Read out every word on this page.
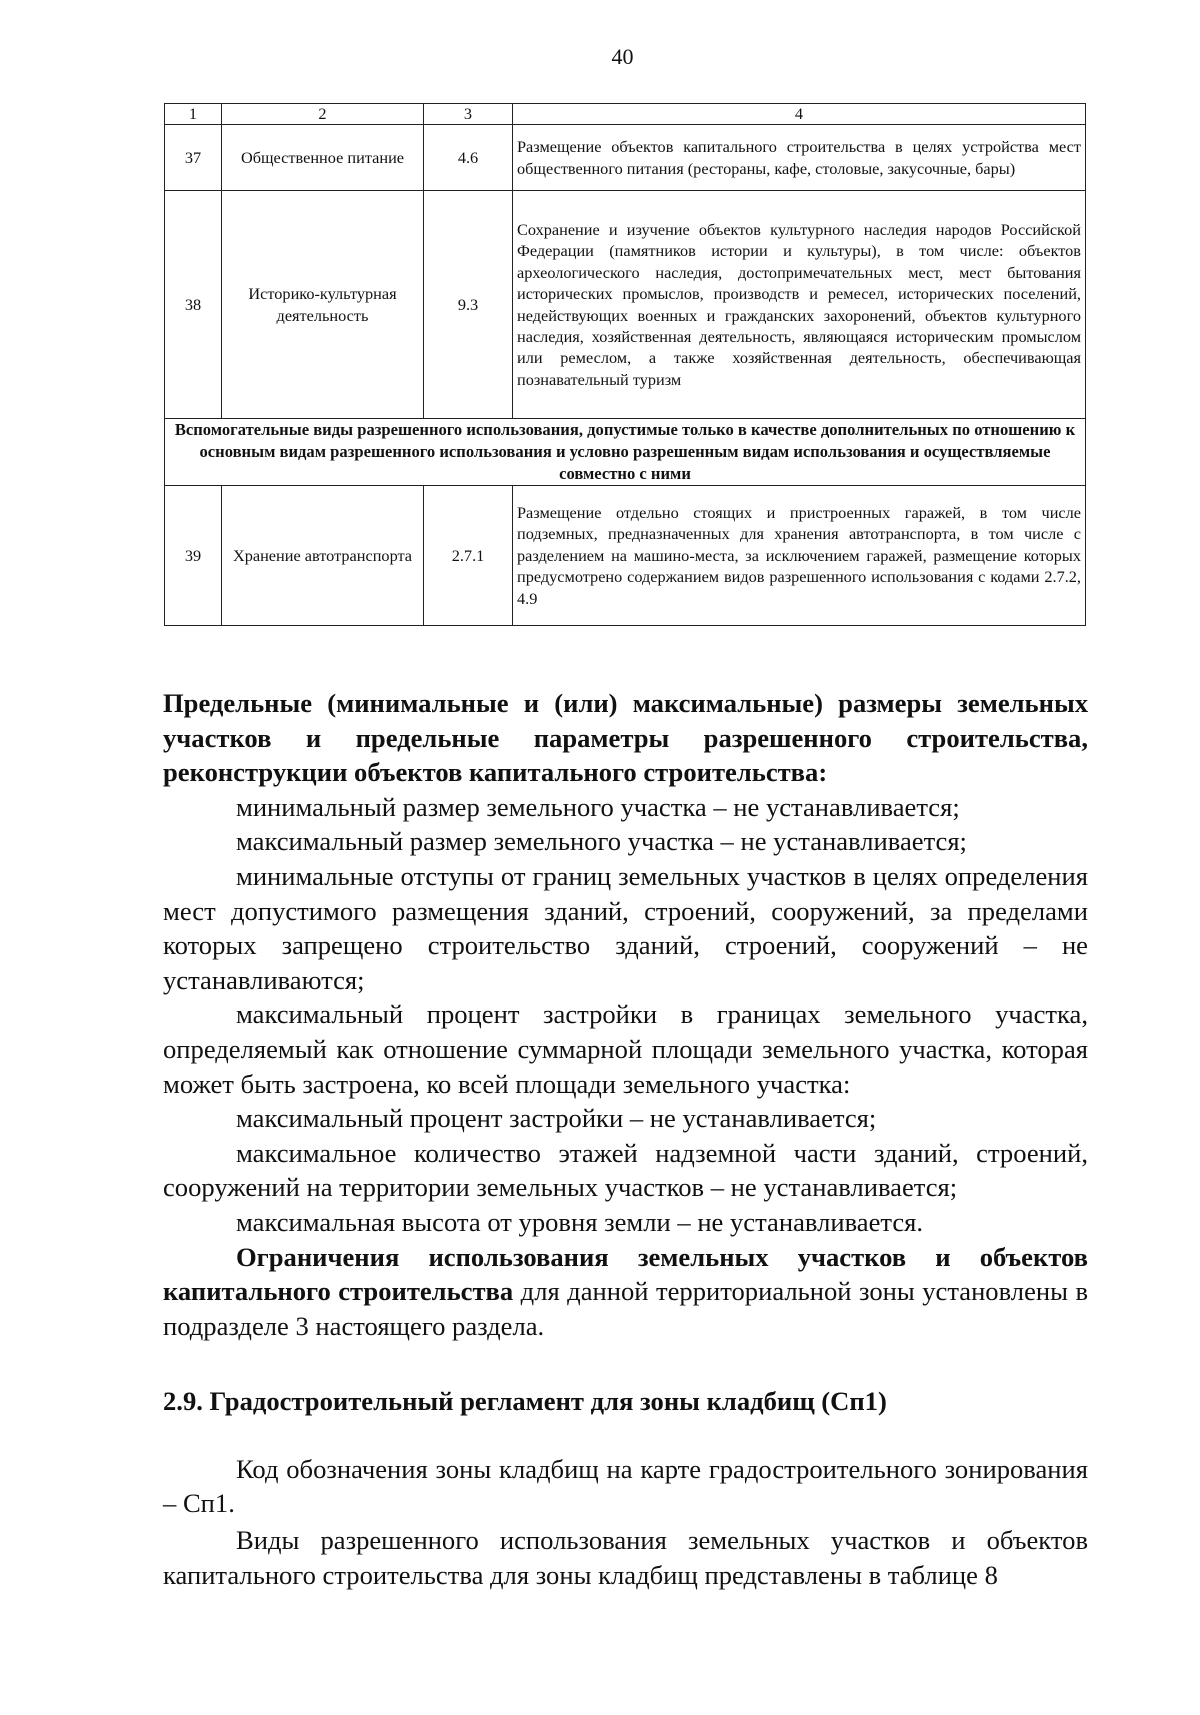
40
1	2	3	4
37	Общественное питание	4.6	Размещение объектов капитального строительства в целях устройства мест общественного питания (рестораны, кафе, столовые, закусочные, бары)
38	Историко-культурная деятельность	9.3	Сохранение и изучение объектов культурного наследия народов Российской Федерации (памятников истории и культуры), в том числе: объектов археологического наследия, достопримечательных мест, мест бытования исторических промыслов, производств и ремесел, исторических поселений, недействующих военных и гражданских захоронений, объектов культурного наследия, хозяйственная деятельность, являющаяся историческим промыслом или ремеслом, а также хозяйственная деятельность, обеспечивающая познавательный туризм
Вспомогательные виды разрешенного использования, допустимые только в качестве дополнительных по отношению к основным видам разрешенного использования и условно разрешенным видам использования и осуществляемые совместно с ними			
39	Хранение автотранспорта	2.7.1	Размещение отдельно стоящих и пристроенных гаражей, в том числе подземных, предназначенных для хранения автотранспорта, в том числе с разделением на машино-места, за исключением гаражей, размещение которых предусмотрено содержанием видов разрешенного использования с кодами 2.7.2, 4.9

Предельные (минимальные и (или) максимальные) размеры земельных участков и предельные параметры разрешенного строительства, реконструкции объектов капитального строительства:

минимальный размер земельного участка – не устанавливается;

максимальный размер земельного участка – не устанавливается;

минимальные отступы от границ земельных участков в целях определения мест допустимого размещения зданий, строений, сооружений, за пределами которых запрещено строительство зданий, строений, сооружений – не устанавливаются;

максимальный процент застройки в границах земельного участка, определяемый как отношение суммарной площади земельного участка, которая может быть застроена, ко всей площади земельного участка:

максимальный процент застройки – не устанавливается;

максимальное количество этажей надземной части зданий, строений, сооружений на территории земельных участков – не устанавливается;

максимальная высота от уровня земли – не устанавливается.

Ограничения использования земельных участков и объектов капитального строительства для данной территориальной зоны установлены в подразделе 3 настоящего раздела.

2.9. Градостроительный регламент для зоны кладбищ (Сп1)

Код обозначения зоны кладбищ на карте градостроительного зонирования – Сп1.

Виды разрешенного использования земельных участков и объектов капитального строительства для зоны кладбищ представлены в таблице 8
